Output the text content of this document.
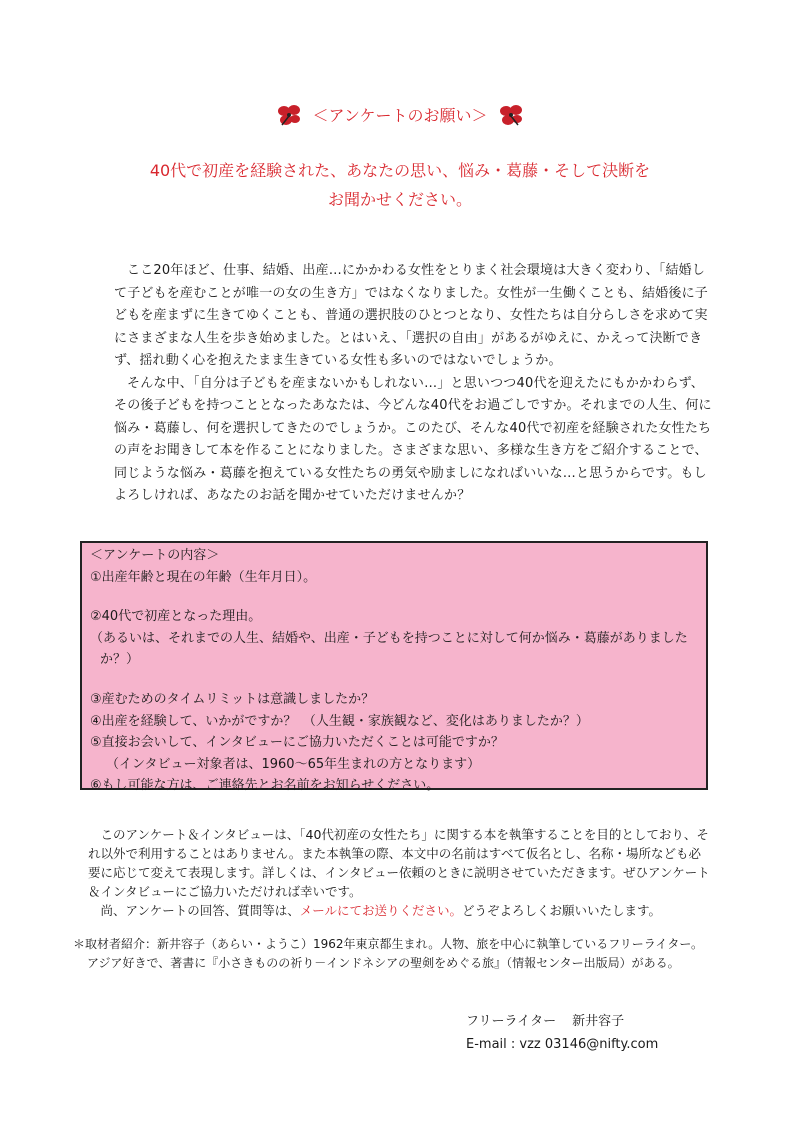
＜アンケートのお願い＞
40代で初産を経験された、あなたの思い、悩み・葛藤・そして決断を
お聞かせください。

ここ20年ほど、仕事、結婚、出産…にかかわる女性をとりまく社会環境は大きく変わり、「結婚して子どもを産むことが唯一の女の生き方」ではなくなりました。女性が一生働くことも、結婚後に子どもを産まずに生きてゆくことも、普通の選択肢のひとつとなり、女性たちは自分らしさを求めて実にさまざまな人生を歩き始めました。とはいえ、「選択の自由」があるがゆえに、かえって決断できず、揺れ動く心を抱えたまま生きている女性も多いのではないでしょうか。

そんな中、「自分は子どもを産まないかもしれない…」と思いつつ40代を迎えたにもかかわらず、その後子どもを持つこととなったあなたは、今どんな40代をお過ごしですか。それまでの人生、何に悩み・葛藤し、何を選択してきたのでしょうか。このたび、そんな40代で初産を経験された女性たちの声をお聞きして本を作ることになりました。さまざまな思い、多様な生き方をご紹介することで、同じような悩み・葛藤を抱えている女性たちの勇気や励ましになればいいな…と思うからです。もしよろしければ、あなたのお話を聞かせていただけませんか？

＜アンケートの内容＞
①出産年齢と現在の年齢（生年月日）。
②40代で初産となった理由。
（あるいは、それまでの人生、結婚や、出産・子どもを持つことに対して何か悩み・葛藤がありました
か？）
③産むためのタイムリミットは意識しましたか？
④出産を経験して、いかがですか？　（人生観・家族観など、変化はありましたか？）
⑤直接お会いして、インタビューにご協力いただくことは可能ですか？
（インタビュー対象者は、1960～65年生まれの方となります）
⑥もし可能な方は、ご連絡先とお名前をお知らせください。

このアンケート＆インタビューは、「40代初産の女性たち」に関する本を執筆することを目的としており、それ以外で利用することはありません。また本執筆の際、本文中の名前はすべて仮名とし、名称・場所なども必要に応じて変えて表現します。詳しくは、インタビュー依頼のときに説明させていただきます。ぜひアンケート＆インタビューにご協力いただければ幸いです。

尚、アンケートの回答、質問等は、メールにてお送りください。どうぞよろしくお願いいたします。

＊取材者紹介：新井容子（あらい・ようこ）1962年東京都生まれ。人物、旅を中心に執筆しているフリーライター。
アジア好きで、著書に『小さきものの祈り－インドネシアの聖剣をめぐる旅』（情報センター出版局）がある。
フリーライター 新井容子
E-mail : vzz 03146@nifty.com
